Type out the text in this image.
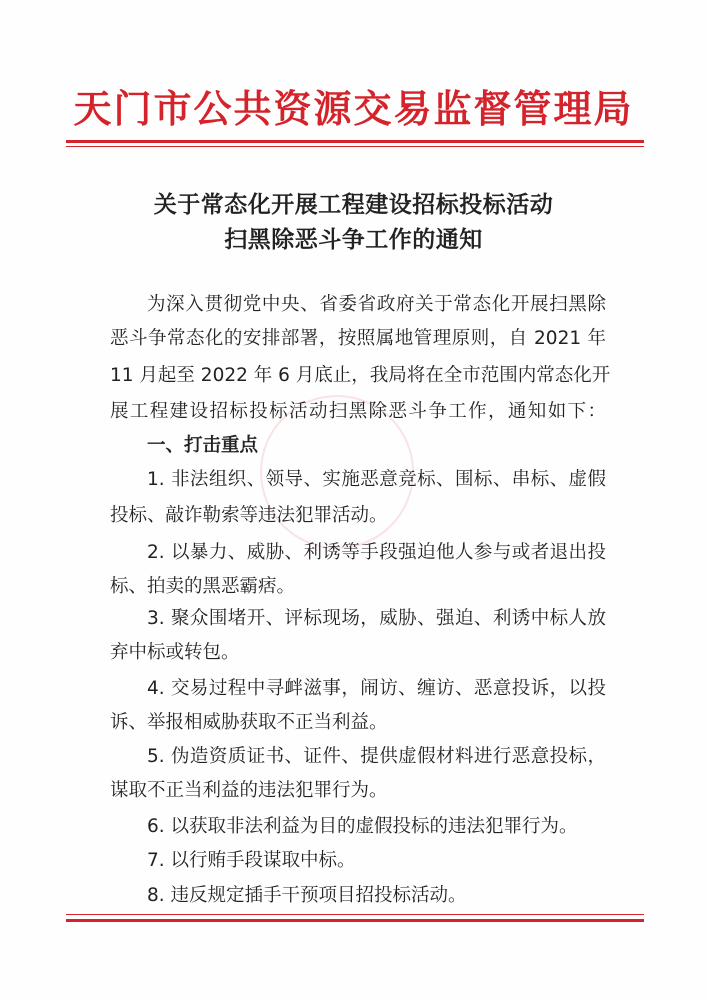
天门市公共资源交易监督管理局
关于常态化开展工程建设招标投标活动
扫黑除恶斗争工作的通知
为深入贯彻党中央、省委省政府关于常态化开展扫黑除
恶斗争常态化的安排部署，按照属地管理原则，自 2021 年
11 月起至 2022 年 6 月底止，我局将在全市范围内常态化开
展工程建设招标投标活动扫黑除恶斗争工作，通知如下：
一、打击重点
1. 非法组织、领导、实施恶意竞标、围标、串标、虚假
投标、敲诈勒索等违法犯罪活动。
2. 以暴力、威胁、利诱等手段强迫他人参与或者退出投
标、拍卖的黑恶霸痞。
3. 聚众围堵开、评标现场，威胁、强迫、利诱中标人放
弃中标或转包。
4. 交易过程中寻衅滋事，闹访、缠访、恶意投诉，以投
诉、举报相威胁获取不正当利益。
5. 伪造资质证书、证件、提供虚假材料进行恶意投标，
谋取不正当利益的违法犯罪行为。
6. 以获取非法利益为目的虚假投标的违法犯罪行为。
7. 以行贿手段谋取中标。
8. 违反规定插手干预项目招投标活动。
